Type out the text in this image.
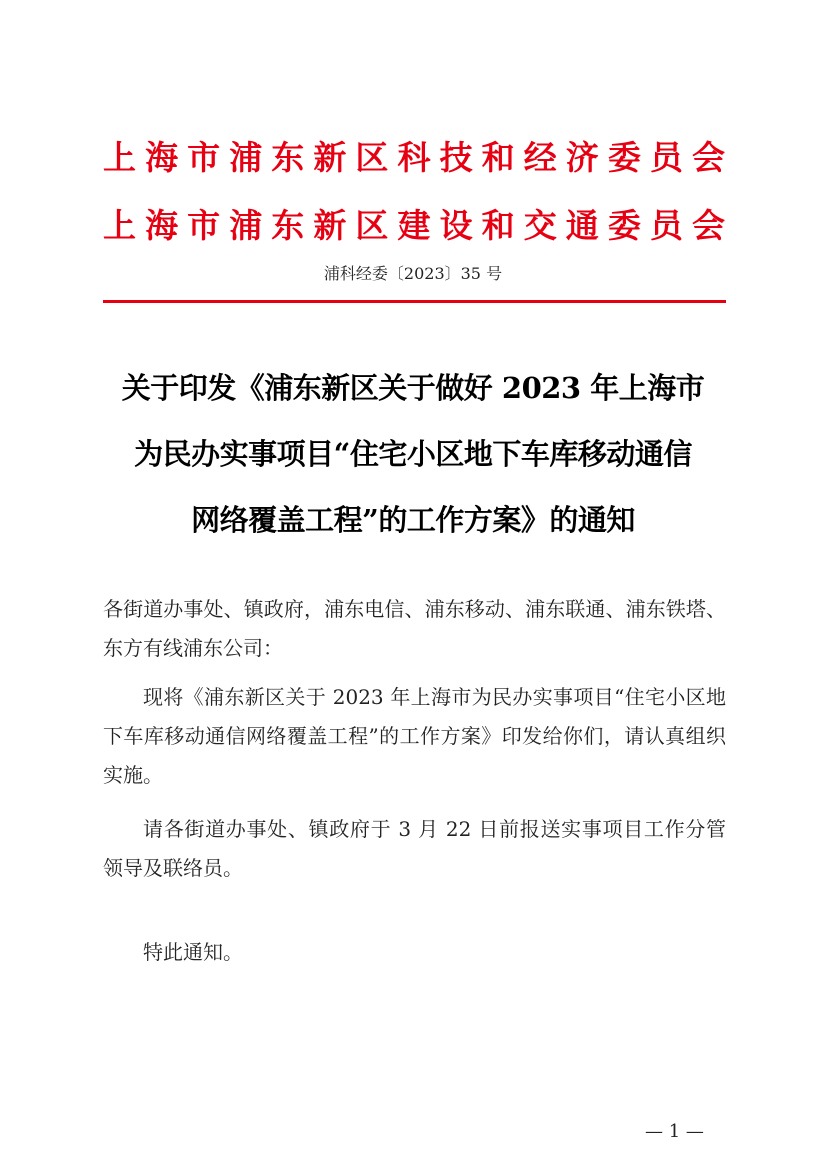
上海市浦东新区科技和经济委员会
上海市浦东新区建设和交通委员会
浦科经委〔2023〕35 号
关于印发《浦东新区关于做好 2023 年上海市
为民办实事项目“住宅小区地下车库移动通信
网络覆盖工程”的工作方案》的通知

各街道办事处、镇政府，浦东电信、浦东移动、浦东联通、浦东铁塔、东方有线浦东公司：

现将《浦东新区关于 2023 年上海市为民办实事项目“住宅小区地下车库移动通信网络覆盖工程”的工作方案》印发给你们，请认真组织实施。

请各街道办事处、镇政府于 3 月 22 日前报送实事项目工作分管领导及联络员。

特此通知。

— 1 —
